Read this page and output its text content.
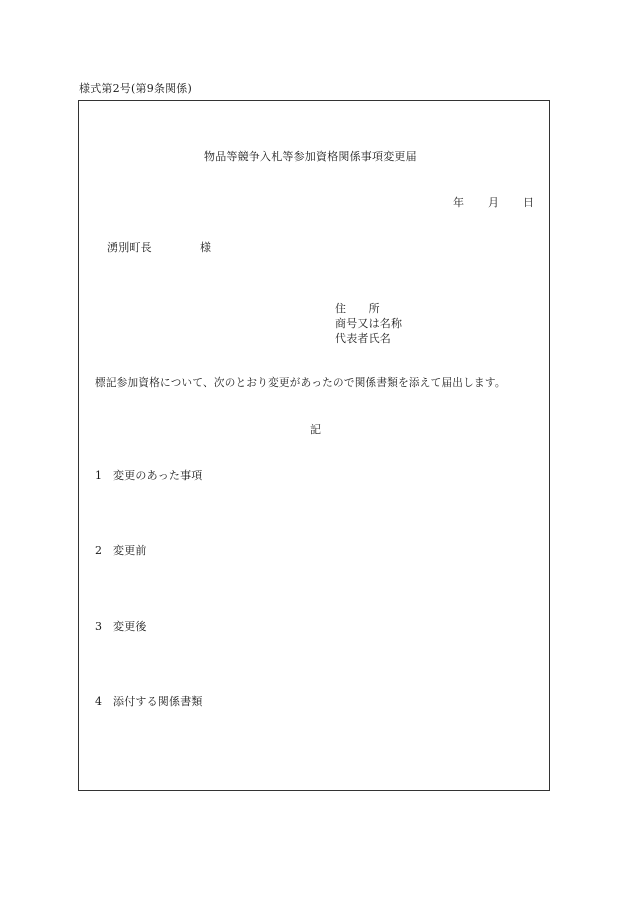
様式第2号(第9条関係)
物品等競争入札等参加資格関係事項変更届
年 月 日
湧別町長	様
住　　所
商号又は名称
代表者氏名
標記参加資格について、次のとおり変更があったので関係書類を添えて届出します。
記
1 変更のあった事項
2 変更前
3 変更後
4 添付する関係書類
